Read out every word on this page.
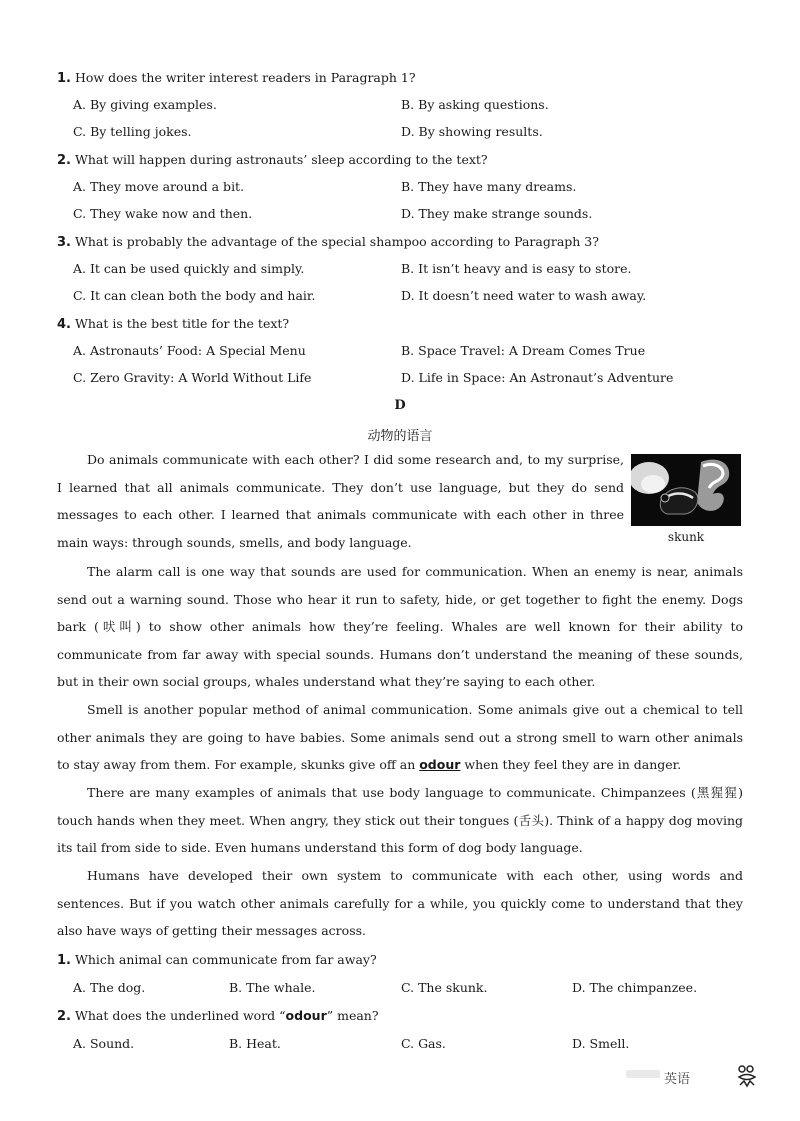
1. How does the writer interest readers in Paragraph 1?
A. By giving examples.	B. By asking questions.
C. By telling jokes.	D. By showing results.
2. What will happen during astronauts’ sleep according to the text?
A. They move around a bit.	B. They have many dreams.
C. They wake now and then.	D. They make strange sounds.
3. What is probably the advantage of the special shampoo according to Paragraph 3?
A. It can be used quickly and simply.	B. It isn’t heavy and is easy to store.
C. It can clean both the body and hair.	D. It doesn’t need water to wash away.
4. What is the best title for the text?
A. Astronauts’ Food: A Special Menu	B. Space Travel: A Dream Comes True
C. Zero Gravity: A World Without Life	D. Life in Space: An Astronaut’s Adventure
D
动物的语言
skunk
Do animals communicate with each other? I did some research and, to my surprise, I learned that all animals communicate. They don’t use language, but they do send messages to each other. I learned that animals communicate with each other in three main ways: through sounds, smells, and body language.
The alarm call is one way that sounds are used for communication. When an enemy is near, animals send out a warning sound. Those who hear it run to safety, hide, or get together to fight the enemy. Dogs bark (吠叫) to show other animals how they’re feeling. Whales are well known for their ability to communicate from far away with special sounds. Humans don’t understand the meaning of these sounds, but in their own social groups, whales understand what they’re saying to each other.
Smell is another popular method of animal communication. Some animals give out a chemical to tell other animals they are going to have babies. Some animals send out a strong smell to warn other animals to stay away from them. For example, skunks give off an odour when they feel they are in danger.
There are many examples of animals that use body language to communicate. Chimpanzees (黑猩猩) touch hands when they meet. When angry, they stick out their tongues (舌头). Think of a happy dog moving its tail from side to side. Even humans understand this form of dog body language.
Humans have developed their own system to communicate with each other, using words and sentences. But if you watch other animals carefully for a while, you quickly come to understand that they also have ways of getting their messages across.
1. Which animal can communicate from far away?
A. The dog.	B. The whale.	C. The skunk.	D. The chimpanzee.
2. What does the underlined word “odour” mean?
A. Sound.	B. Heat.	C. Gas.	D. Smell.
英语
